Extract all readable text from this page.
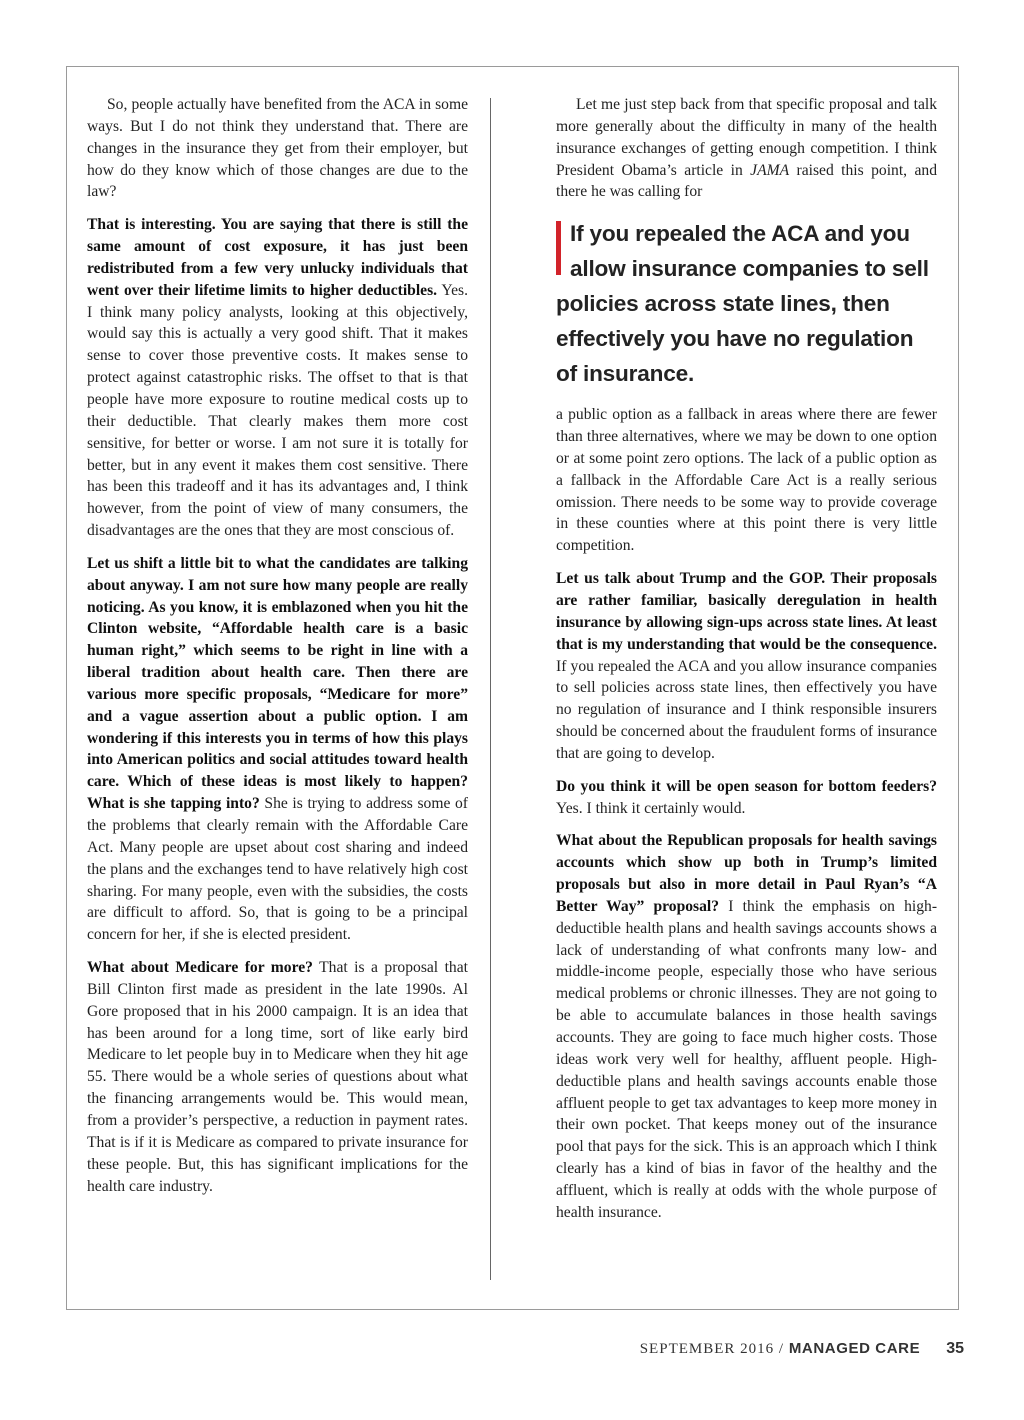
So, people actually have benefited from the ACA in some ways. But I do not think they understand that. There are changes in the insurance they get from their employer, but how do they know which of those changes are due to the law?

That is interesting. You are saying that there is still the same amount of cost exposure, it has just been redistributed from a few very unlucky individuals that went over their lifetime limits to higher deductibles. Yes. I think many policy analysts, looking at this objectively, would say this is actually a very good shift. That it makes sense to cover those preventive costs. It makes sense to protect against catastrophic risks. The offset to that is that people have more exposure to routine medical costs up to their deductible. That clearly makes them more cost sensitive, for better or worse. I am not sure it is totally for better, but in any event it makes them cost sensitive. There has been this tradeoff and it has its advantages and, I think however, from the point of view of many consumers, the disadvantages are the ones that they are most conscious of.

Let us shift a little bit to what the candidates are talking about anyway. I am not sure how many people are really noticing. As you know, it is emblazoned when you hit the Clinton website, “Affordable health care is a basic human right,” which seems to be right in line with a liberal tradition about health care. Then there are various more specific proposals, “Medicare for more” and a vague assertion about a public option. I am wondering if this interests you in terms of how this plays into American politics and social attitudes toward health care. Which of these ideas is most likely to happen? What is she tapping into? She is trying to address some of the problems that clearly remain with the Affordable Care Act. Many people are upset about cost sharing and indeed the plans and the exchanges tend to have relatively high cost sharing. For many people, even with the subsidies, the costs are difficult to afford. So, that is going to be a principal concern for her, if she is elected president.

What about Medicare for more? That is a proposal that Bill Clinton first made as president in the late 1990s. Al Gore proposed that in his 2000 campaign. It is an idea that has been around for a long time, sort of like early bird Medicare to let people buy in to Medicare when they hit age 55. There would be a whole series of questions about what the financing arrangements would be. This would mean, from a provider’s perspective, a reduction in payment rates. That is if it is Medicare as compared to private insurance for these people. But, this has significant implications for the health care industry.

Let me just step back from that specific proposal and talk more generally about the difficulty in many of the health insurance exchanges of getting enough competition. I think President Obama’s article in JAMA raised this point, and there he was calling for

If you repealed the ACA and you allow insurance companies to sell policies across state lines, then effectively you have no regulation of insurance.

a public option as a fallback in areas where there are fewer than three alternatives, where we may be down to one option or at some point zero options. The lack of a public option as a fallback in the Affordable Care Act is a really serious omission. There needs to be some way to provide coverage in these counties where at this point there is very little competition.

Let us talk about Trump and the GOP. Their proposals are rather familiar, basically deregulation in health insurance by allowing sign-ups across state lines. At least that is my understanding that would be the consequence. If you repealed the ACA and you allow insurance companies to sell policies across state lines, then effectively you have no regulation of insurance and I think responsible insurers should be concerned about the fraudulent forms of insurance that are going to develop.

Do you think it will be open season for bottom feeders? Yes. I think it certainly would.

What about the Republican proposals for health savings accounts which show up both in Trump’s limited proposals but also in more detail in Paul Ryan’s “A Better Way” proposal? I think the emphasis on high-deductible health plans and health savings accounts shows a lack of understanding of what confronts many low- and middle-income people, especially those who have serious medical problems or chronic illnesses. They are not going to be able to accumulate balances in those health savings accounts. They are going to face much higher costs. Those ideas work very well for healthy, affluent people. High-deductible plans and health savings accounts enable those affluent people to get tax advantages to keep more money in their own pocket. That keeps money out of the insurance pool that pays for the sick. This is an approach which I think clearly has a kind of bias in favor of the healthy and the affluent, which is really at odds with the whole purpose of health insurance.

SEPTEMBER 2016 / MANAGED CARE 35
